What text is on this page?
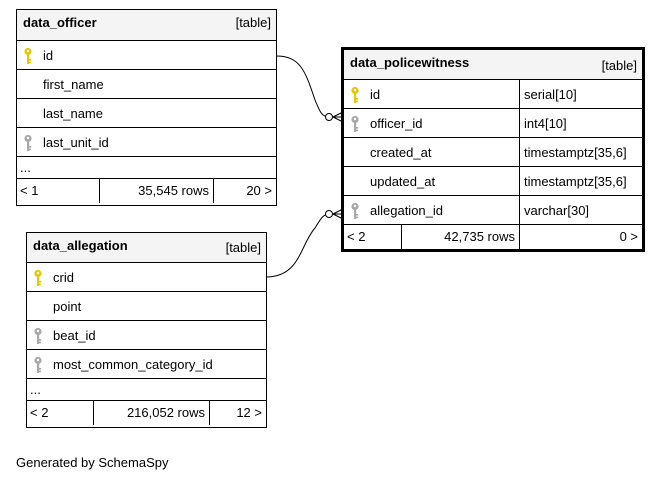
data_officer	[table]
id
first_name
last_name
last_unit_id
...
< 1	35,545 rows	20 >
data_policewitness	[table]
id	serial[10]
officer_id	int4[10]
created_at	timestamptz[35,6]
updated_at	timestamptz[35,6]
allegation_id	varchar[30]
< 2	42,735 rows	0 >
data_allegation	[table]
crid
point
beat_id
most_common_category_id
...
< 2	216,052 rows	12 >
Generated by SchemaSpy
